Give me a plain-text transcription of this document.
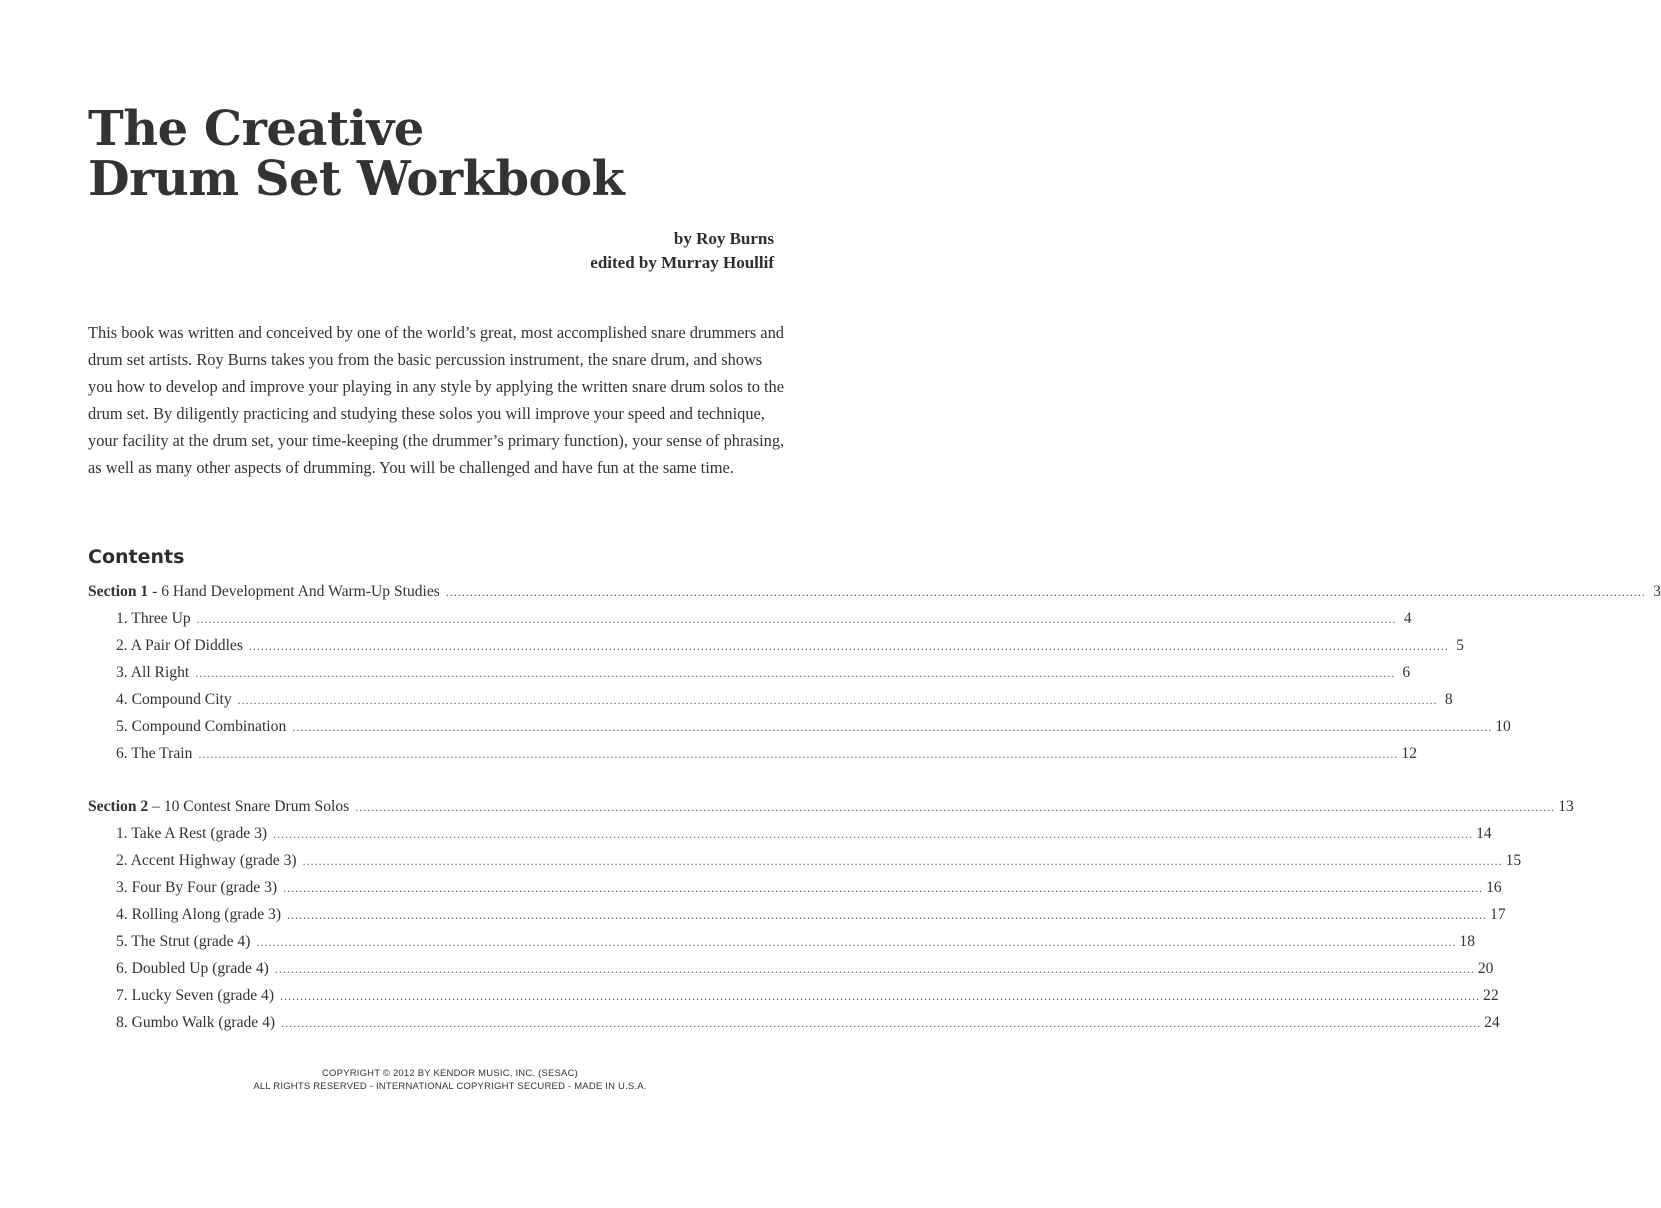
The Creative
Drum Set Workbook
by Roy Burns
edited by Murray Houllif

This book was written and conceived by one of the world’s great, most accomplished snare drummers and drum set artists. Roy Burns takes you from the basic percussion instrument, the snare drum, and shows you how to develop and improve your playing in any style by applying the written snare drum solos to the drum set. By diligently practicing and studying these solos you will improve your speed and technique, your facility at the drum set, your time-keeping (the drummer’s primary function), your sense of phrasing, as well as many other aspects of drumming. You will be challenged and have fun at the same time.

Contents
Section 1 - 6 Hand Development And Warm-Up Studies ............................................................................................................................................................................................................................................................................................................ 3
1. Three Up ............................................................................................................................................................................................................................................................................................................ 4
2. A Pair Of Diddles ............................................................................................................................................................................................................................................................................................................ 5
3. All Right ............................................................................................................................................................................................................................................................................................................ 6
4. Compound City ............................................................................................................................................................................................................................................................................................................ 8
5. Compound Combination ............................................................................................................................................................................................................................................................................................................ 10
6. The Train ............................................................................................................................................................................................................................................................................................................ 12
Section 2 – 10 Contest Snare Drum Solos ............................................................................................................................................................................................................................................................................................................ 13
1. Take A Rest (grade 3) ............................................................................................................................................................................................................................................................................................................ 14
2. Accent Highway (grade 3) ............................................................................................................................................................................................................................................................................................................ 15
3. Four By Four (grade 3) ............................................................................................................................................................................................................................................................................................................ 16
4. Rolling Along (grade 3) ............................................................................................................................................................................................................................................................................................................ 17
5. The Strut (grade 4) ............................................................................................................................................................................................................................................................................................................ 18
6. Doubled Up (grade 4) ............................................................................................................................................................................................................................................................................................................ 20
7. Lucky Seven (grade 4) ............................................................................................................................................................................................................................................................................................................ 22
8. Gumbo Walk (grade 4) ............................................................................................................................................................................................................................................................................................................ 24
COPYRIGHT © 2012 BY KENDOR MUSIC, INC. (SESAC)
ALL RIGHTS RESERVED - INTERNATIONAL COPYRIGHT SECURED - MADE IN U.S.A.
